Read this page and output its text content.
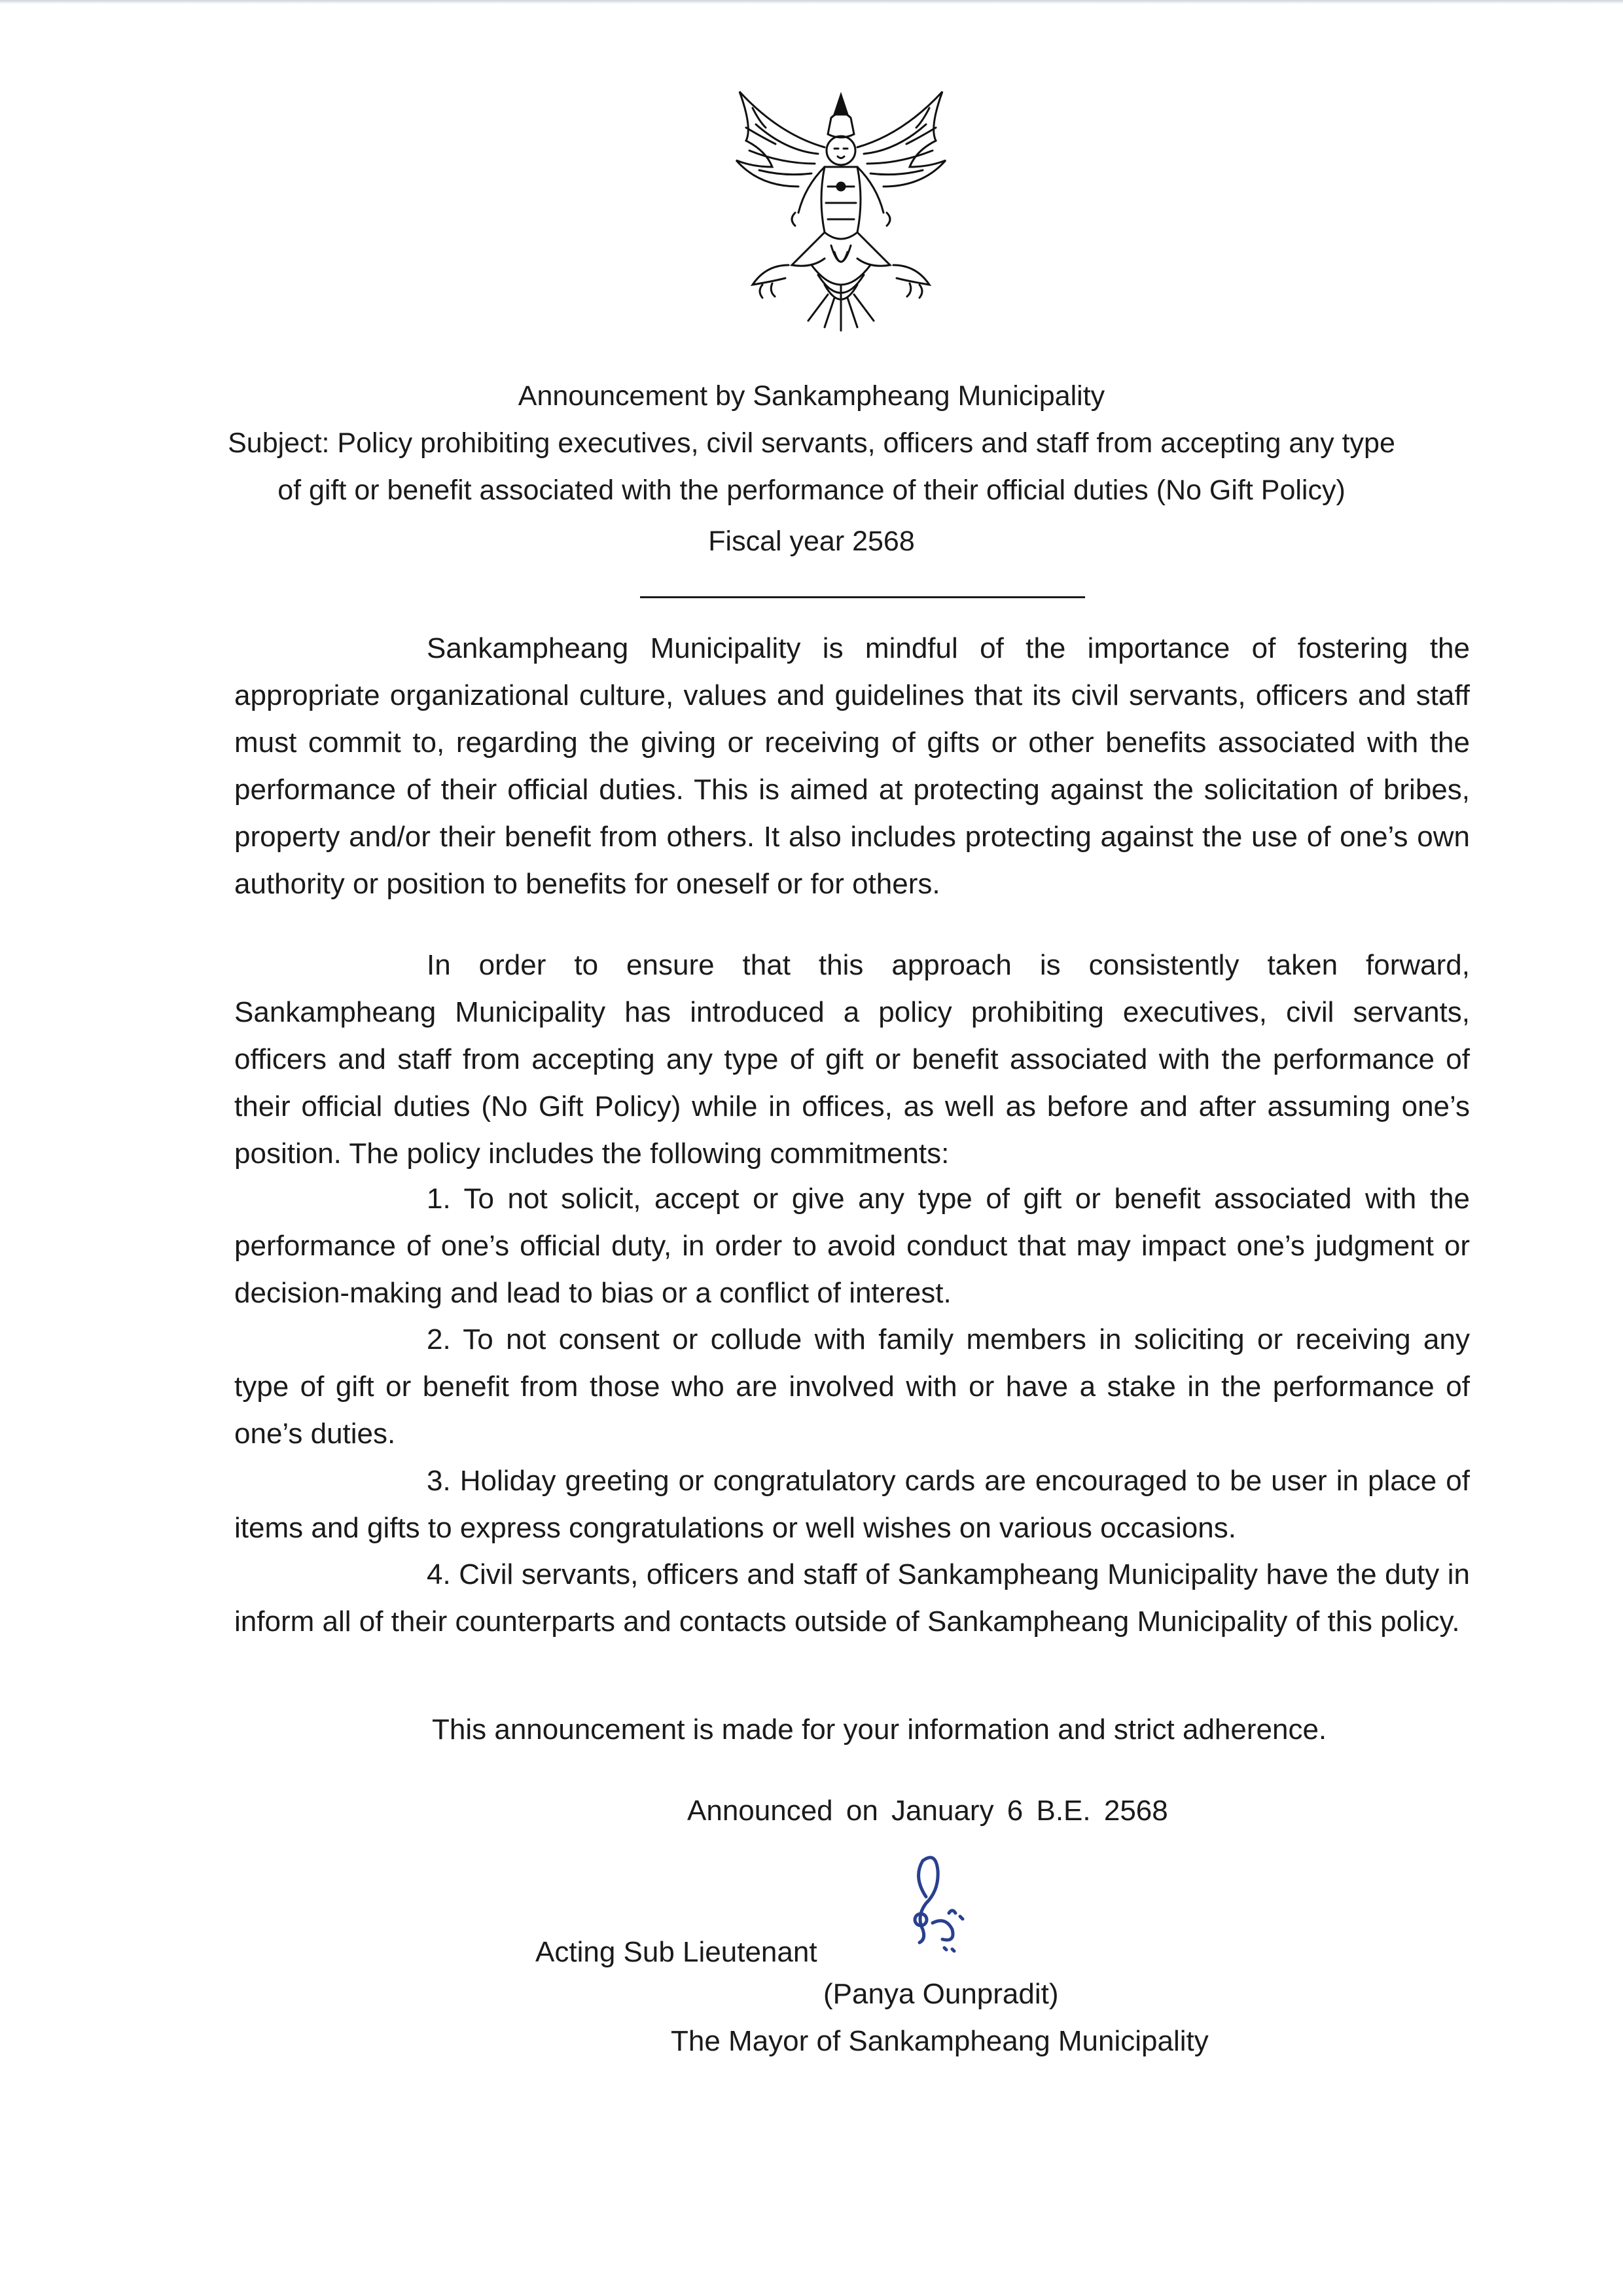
Announcement by Sankampheang Municipality
Subject: Policy prohibiting executives, civil servants, officers and staff from accepting any type
of gift or benefit associated with the performance of their official duties (No Gift Policy)
Fiscal year 2568
Sankampheang Municipality is mindful of the importance of fostering the appropriate organizational culture, values and guidelines that its civil servants, officers and staff must commit to, regarding the giving or receiving of gifts or other benefits associated with the performance of their official duties. This is aimed at protecting against the solicitation of bribes, property and/or their benefit from others. It also includes protecting against the use of one’s own authority or position to benefits for oneself or for others.
In order to ensure that this approach is consistently taken forward, Sankampheang Municipality has introduced a policy prohibiting executives, civil servants, officers and staff from accepting any type of gift or benefit associated with the performance of their official duties (No Gift Policy) while in offices, as well as before and after assuming one’s position. The policy includes the following commitments:
1. To not solicit, accept or give any type of gift or benefit associated with the performance of one’s official duty, in order to avoid conduct that may impact one’s judgment or decision-making and lead to bias or a conflict of interest.
2. To not consent or collude with family members in soliciting or receiving any type of gift or benefit from those who are involved with or have a stake in the performance of one’s duties.
3. Holiday greeting or congratulatory cards are encouraged to be user in place of items and gifts to express congratulations or well wishes on various occasions.
4. Civil servants, officers and staff of Sankampheang Municipality have the duty in inform all of their counterparts and contacts outside of Sankampheang Municipality of this policy.
This announcement is made for your information and strict adherence.
Announced on January 6 B.E. 2568
Acting Sub Lieutenant
(Panya Ounpradit)
The Mayor of Sankampheang Municipality
